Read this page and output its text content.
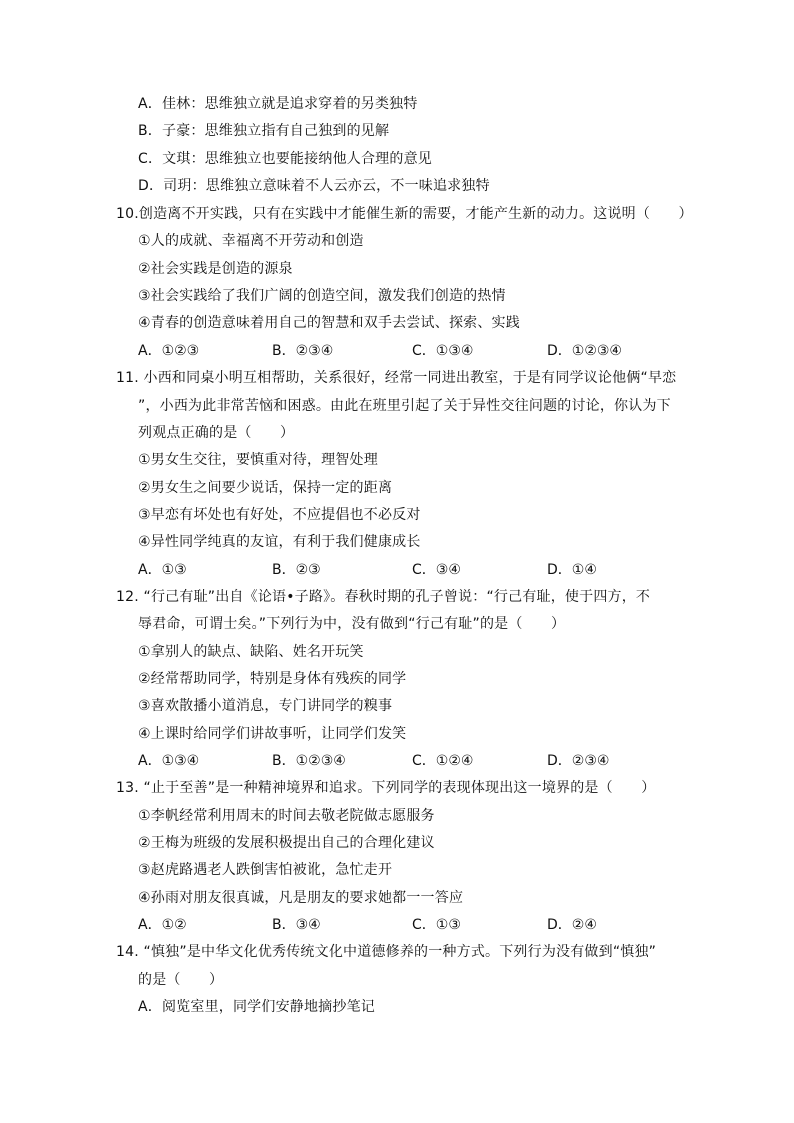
A．佳林：思维独立就是追求穿着的另类独特
B．子豪：思维独立指有自己独到的见解
C．文琪：思维独立也要能接纳他人合理的意见
D．司玥：思维独立意味着不人云亦云，不一味追求独特
10.创造离不开实践，只有在实践中才能催生新的需要，才能产生新的动力。这说明（　　）
①人的成就、幸福离不开劳动和创造
②社会实践是创造的源泉
③社会实践给了我们广阔的创造空间，激发我们创造的热情
④青春的创造意味着用自己的智慧和双手去尝试、探索、实践
A．①②③	B．②③④	C．①③④	D．①②③④
11. 小西和同桌小明互相帮助，关系很好，经常一同进出教室，于是有同学议论他俩“早恋
”，小西为此非常苦恼和困惑。由此在班里引起了关于异性交往问题的讨论，你认为下
列观点正确的是（　　）
①男女生交往，要慎重对待，理智处理
②男女生之间要少说话，保持一定的距离
③早恋有坏处也有好处，不应提倡也不必反对
④异性同学纯真的友谊，有利于我们健康成长
A．①③	B．②③	C．③④	D．①④
12. “行己有耻”出自《论语•子路》。春秋时期的孔子曾说：“行己有耻，使于四方，不
辱君命，可谓士矣。”下列行为中，没有做到“行己有耻”的是（　　）
①拿别人的缺点、缺陷、姓名开玩笑
②经常帮助同学，特别是身体有残疾的同学
③喜欢散播小道消息，专门讲同学的糗事
④上课时给同学们讲故事听，让同学们发笑
A．①③④	B．①②③④	C．①②④	D．②③④
13. “止于至善”是一种精神境界和追求。下列同学的表现体现出这一境界的是（　　）
①李帆经常利用周末的时间去敬老院做志愿服务
②王梅为班级的发展积极提出自己的合理化建议
③赵虎路遇老人跌倒害怕被讹，急忙走开
④孙雨对朋友很真诚，凡是朋友的要求她都一一答应
A．①②	B．③④	C．①③	D．②④
14. “慎独”是中华文化优秀传统文化中道德修养的一种方式。下列行为没有做到“慎独”
的是（　　）
A．阅览室里，同学们安静地摘抄笔记
